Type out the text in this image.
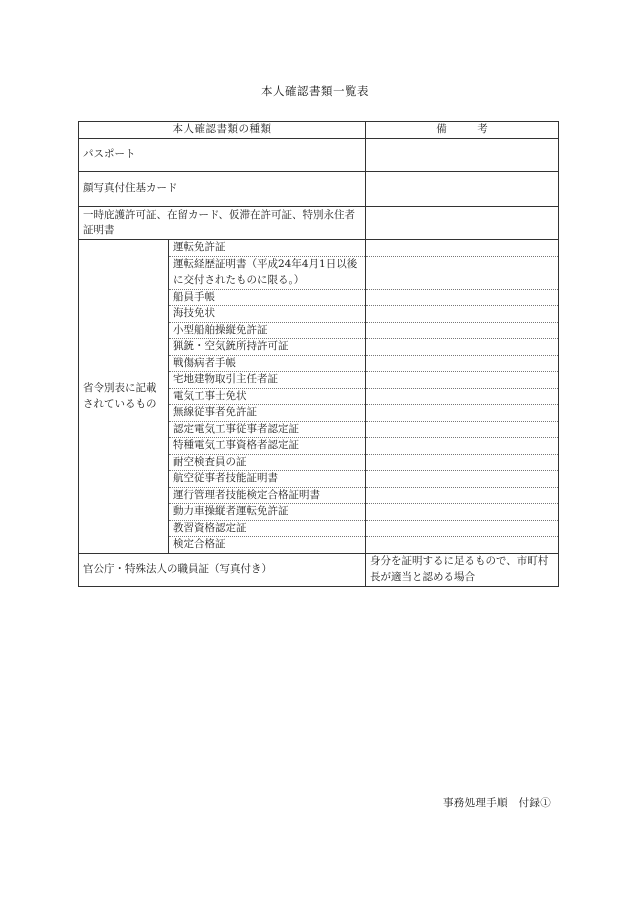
本人確認書類一覧表
本人確認書類の種類		備　考
パスポート		
顔写真付住基カード		
一時庇護許可証、在留カード、仮滞在許可証、特別永住者証明書		
省令別表に記載されているもの	運転免許証	
	運転経歴証明書（平成24年4月1日以後に交付されたものに限る。）	
	船員手帳	
	海技免状	
	小型船舶操縦免許証	
	猟銃・空気銃所持許可証	
	戦傷病者手帳	
	宅地建物取引主任者証	
	電気工事士免状	
	無線従事者免許証	
	認定電気工事従事者認定証	
	特種電気工事資格者認定証	
	耐空検査員の証	
	航空従事者技能証明書	
	運行管理者技能検定合格証明書	
	動力車操縦者運転免許証	
	教習資格認定証	
	検定合格証	
官公庁・特殊法人の職員証（写真付き）		身分を証明するに足るもので、市町村長が適当と認める場合
事務処理手順　付録①
